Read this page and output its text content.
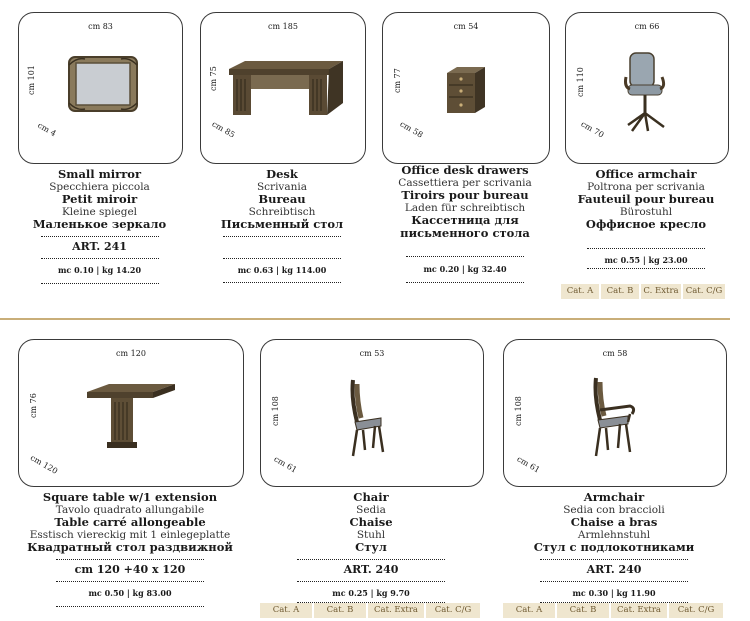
cm 83
cm 101
cm 4
Small mirror
Specchiera piccola
Petit miroir
Kleine spiegel
Маленькое зеркало
ART. 241
mc 0.10 | kg 14.20
cm 185
cm 75
cm 85
Desk
Scrivania
Bureau
Schreibtisch
Письменный стол
mc 0.63 | kg 114.00
cm 54
cm 77
cm 58
Office desk drawers
Cassettiera per scrivania
Tiroirs pour bureau
Laden für schreibtisch
Кассетница для письменного стола
mc 0.20 | kg 32.40
cm 66
cm 110
cm 70
Office armchair
Poltrona per scrivania
Fauteuil pour bureau
Bürostuhl
Оффисное кресло
mc 0.55 | kg 23.00
Cat. A	Cat. B	C. Extra Cat. C/G
cm 120
cm 76
cm 120
Square table w/1 extension
Tavolo quadrato allungabile
Table carré allongeable
Esstisch viereckig mit 1 einlegeplatte
Квадратный стол раздвижной
cm 120 +40 x 120
mc 0.50 | kg 83.00
cm 53
cm 108
cm 61
Chair
Sedia
Chaise
Stuhl
Стул
ART. 240
mc 0.25 | kg 9.70
Cat. A	Cat. B	Cat. Extra	Cat. C/G
cm 58
cm 108
cm 61
Armchair
Sedia con braccioli
Chaise a bras
Armlehnstuhl
Стул с подлокотниками
ART. 240
mc 0.30 | kg 11.90
Cat. A	Cat. B	Cat. Extra	Cat. C/G
